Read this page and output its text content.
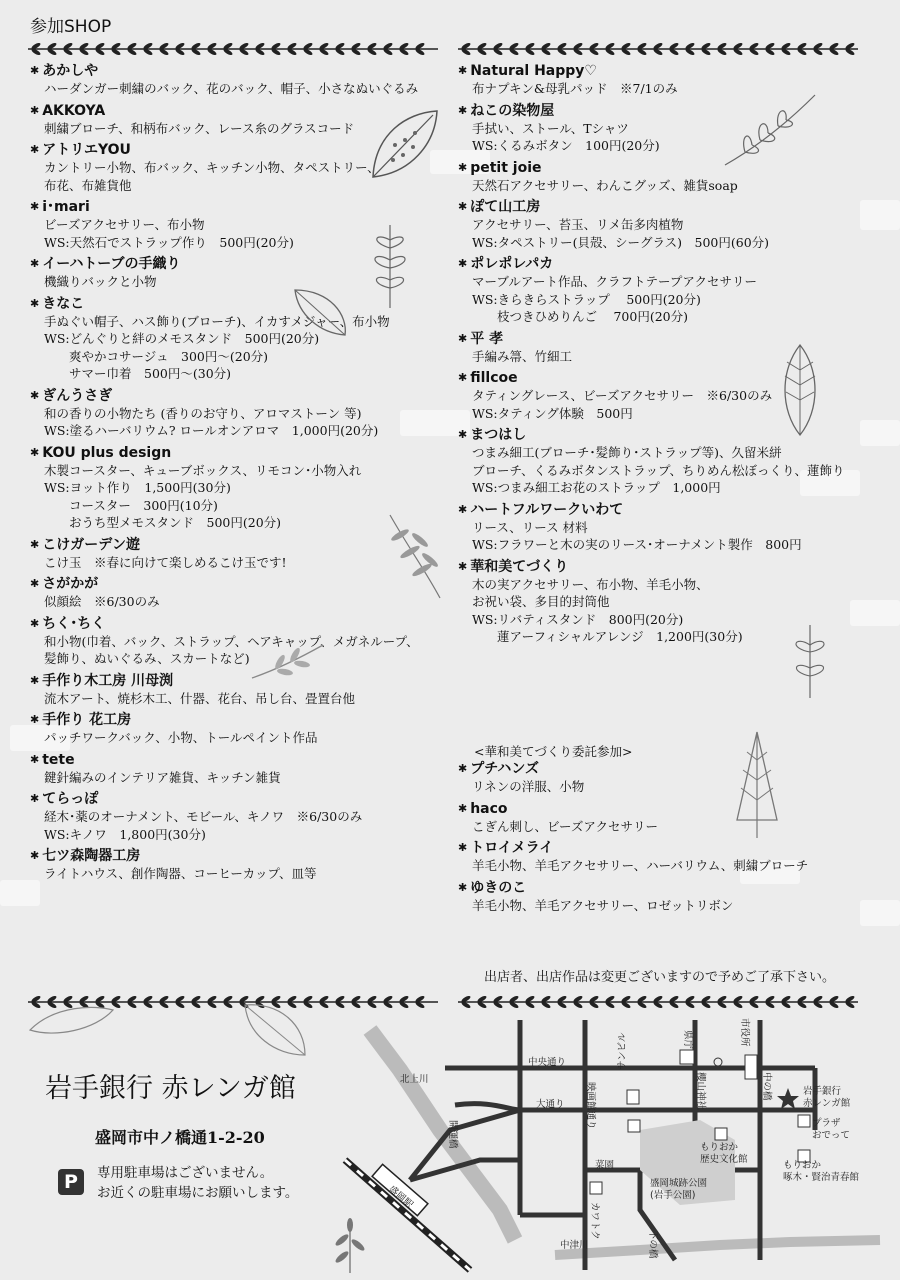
参加SHOP
✱ あかしや
ハーダンガー刺繍のバック、花のバック、帽子、小さなぬいぐるみ
✱ AKKOYA
刺繍ブローチ、和柄布バック、レース糸のグラスコード
✱ アトリエYOU
カントリー小物、布バック、キッチン小物、タペストリー、
布花、布雑貨他
✱ i･mari
ビーズアクセサリー、布小物
WS:天然石でストラップ作り　500円(20分)
✱ イーハトーブの手織り
機織りバックと小物
✱ きなこ
手ぬぐい帽子、ハス飾り(ブローチ)、イカすメジャー、布小物
WS:どんぐりと絆のメモスタンド　500円(20分)
　　爽やかコサージュ　300円～(20分)
　　サマー巾着　500円～(30分)
✱ ぎんうさぎ
和の香りの小物たち (香りのお守り、アロマストーン 等)
WS:塗るハーバリウム? ロールオンアロマ　1,000円(20分)
✱ KOU plus design
木製コースター、キューブボックス、リモコン･小物入れ
WS:ヨット作り　1,500円(30分)
　　コースター　300円(10分)
　　おうち型メモスタンド　500円(20分)
✱ こけガーデン遊
こけ玉　※春に向けて楽しめるこけ玉です!
✱ さがかが
似顔絵　※6/30のみ
✱ ちく･ちく
和小物(巾着、バック、ストラップ、ヘアキャップ、メガネループ、
髪飾り、ぬいぐるみ、スカートなど)
✱ 手作り木工房 川母渕
流木アート、焼杉木工、什器、花台、吊し台、畳置台他
✱ 手作り 花工房
パッチワークバック、小物、トールペイント作品
✱ tete
鍵針編みのインテリア雑貨、キッチン雑貨
✱ てらっぽ
経木･薬のオーナメント、モビール、キノワ　※6/30のみ
WS:キノワ　1,800円(30分)
✱ 七ツ森陶器工房
ライトハウス、創作陶器、コーヒーカップ、皿等
✱ Natural Happy♡
布ナプキン&母乳パッド　※7/1のみ
✱ ねこの染物屋
手拭い、ストール、Tシャツ
WS:くるみボタン　100円(20分)
✱ petit joie
天然石アクセサリー、わんこグッズ、雑貨soap
✱ ぽて山工房
アクセサリー、苔玉、リメ缶多肉植物
WS:タペストリー(貝殻、シーグラス)　500円(60分)
✱ ポレポレパカ
マーブルアート作品、クラフトテープアクセサリー
WS:きらきらストラップ　 500円(20分)
　　枝つきひめりんご　 700円(20分)
✱ 平 孝
手編み箒、竹細工
✱ fillcoe
タティングレース、ビーズアクセサリー　※6/30のみ
WS:タティング体験　500円
✱ まつはし
つまみ細工(ブローチ･髪飾り･ストラップ等)、久留米絣
ブローチ、くるみボタンストラップ、ちりめん松ぼっくり、蓮飾り
WS:つまみ細工お花のストラップ　1,000円
✱ ハートフルワークいわて
リース、リース 材料
WS:フラワーと木の実のリース･オーナメント製作　800円
✱ 華和美てづくり
木の実アクセサリー、布小物、羊毛小物、
お祝い袋、多目的封筒他
WS:リバティスタンド　800円(20分)
　　蓮アーフィシャルアレンジ　1,200円(30分)
<華和美てづくり委託参加>
✱ プチハンズ
リネンの洋服、小物
✱ haco
こぎん刺し、ビーズアクセサリー
✱ トロイメライ
羊毛小物、羊毛アクセサリー、ハーバリウム、刺繍ブローチ
✱ ゆきのこ
羊毛小物、羊毛アクセサリー、ロゼットリボン
出店者、出店作品は変更ございますので予めご了承下さい。
岩手銀行 赤レンガ館
盛岡市中ノ橋通1-2-20
P	専用駐車場はございません。
お近くの駐車場にお願いします。
北上川
開運橋
盛岡駅
中央通り
大通り 映画館通り
サンビル	県庁	市役所
櫻山神社	中の橋	岩手銀行
赤レンガ館
プラザ
おでって
もりおか
歴史文化館
もりおか
啄木・賢治青春館
菜園
盛岡城跡公園
(岩手公園)
カワトク
中津川	下の橋
